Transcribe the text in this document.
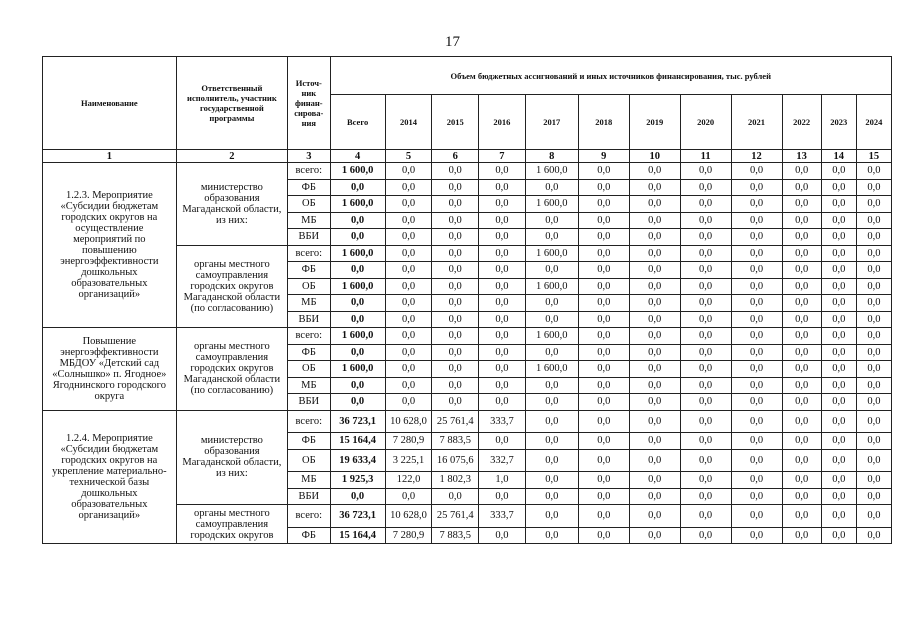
17
Наименование	Ответственный исполнитель, участник государственной программы	Источ-ник финан-сирова-ния	Объем бюджетных ассигнований и иных источников финансирования, тыс. рублей											
			Всего	2014	2015	2016	2017	2018	2019	2020	2021	2022	2023	2024
1	2	3	4	5	6	7	8	9	10	11	12	13	14	15
1.2.3. Мероприятие «Субсидии бюджетам городских округов на осуществление мероприятий по повышению энергоэффективности дошкольных образовательных организаций»	министерство образования Магаданской области, из них:	всего:	1 600,0	0,0	0,0	0,0	1 600,0	0,0	0,0	0,0	0,0	0,0	0,0	0,0
		ФБ	0,0	0,0	0,0	0,0	0,0	0,0	0,0	0,0	0,0	0,0	0,0	0,0
		ОБ	1 600,0	0,0	0,0	0,0	1 600,0	0,0	0,0	0,0	0,0	0,0	0,0	0,0
		МБ	0,0	0,0	0,0	0,0	0,0	0,0	0,0	0,0	0,0	0,0	0,0	0,0
		ВБИ	0,0	0,0	0,0	0,0	0,0	0,0	0,0	0,0	0,0	0,0	0,0	0,0
	органы местного самоуправления городских округов Магаданской области (по согласованию)	всего:	1 600,0	0,0	0,0	0,0	1 600,0	0,0	0,0	0,0	0,0	0,0	0,0	0,0
		ФБ	0,0	0,0	0,0	0,0	0,0	0,0	0,0	0,0	0,0	0,0	0,0	0,0
		ОБ	1 600,0	0,0	0,0	0,0	1 600,0	0,0	0,0	0,0	0,0	0,0	0,0	0,0
		МБ	0,0	0,0	0,0	0,0	0,0	0,0	0,0	0,0	0,0	0,0	0,0	0,0
		ВБИ	0,0	0,0	0,0	0,0	0,0	0,0	0,0	0,0	0,0	0,0	0,0	0,0
Повышение энергоэффективности МБДОУ «Детский сад «Солнышко» п. Ягодное» Ягоднинского городского округа	органы местного самоуправления городских округов Магаданской области (по согласованию)	всего:	1 600,0	0,0	0,0	0,0	1 600,0	0,0	0,0	0,0	0,0	0,0	0,0	0,0
		ФБ	0,0	0,0	0,0	0,0	0,0	0,0	0,0	0,0	0,0	0,0	0,0	0,0
		ОБ	1 600,0	0,0	0,0	0,0	1 600,0	0,0	0,0	0,0	0,0	0,0	0,0	0,0
		МБ	0,0	0,0	0,0	0,0	0,0	0,0	0,0	0,0	0,0	0,0	0,0	0,0
		ВБИ	0,0	0,0	0,0	0,0	0,0	0,0	0,0	0,0	0,0	0,0	0,0	0,0
1.2.4. Мероприятие «Субсидии бюджетам городских округов на укрепление материально-технической базы дошкольных образовательных организаций»	министерство образования Магаданской области, из них:	всего:	36 723,1	10 628,0	25 761,4	333,7	0,0	0,0	0,0	0,0	0,0	0,0	0,0	0,0
		ФБ	15 164,4	7 280,9	7 883,5	0,0	0,0	0,0	0,0	0,0	0,0	0,0	0,0	0,0
		ОБ	19 633,4	3 225,1	16 075,6	332,7	0,0	0,0	0,0	0,0	0,0	0,0	0,0	0,0
		МБ	1 925,3	122,0	1 802,3	1,0	0,0	0,0	0,0	0,0	0,0	0,0	0,0	0,0
		ВБИ	0,0	0,0	0,0	0,0	0,0	0,0	0,0	0,0	0,0	0,0	0,0	0,0
	органы местного самоуправления городских округов	всего:	36 723,1	10 628,0	25 761,4	333,7	0,0	0,0	0,0	0,0	0,0	0,0	0,0	0,0
		ФБ	15 164,4	7 280,9	7 883,5	0,0	0,0	0,0	0,0	0,0	0,0	0,0	0,0	0,0
